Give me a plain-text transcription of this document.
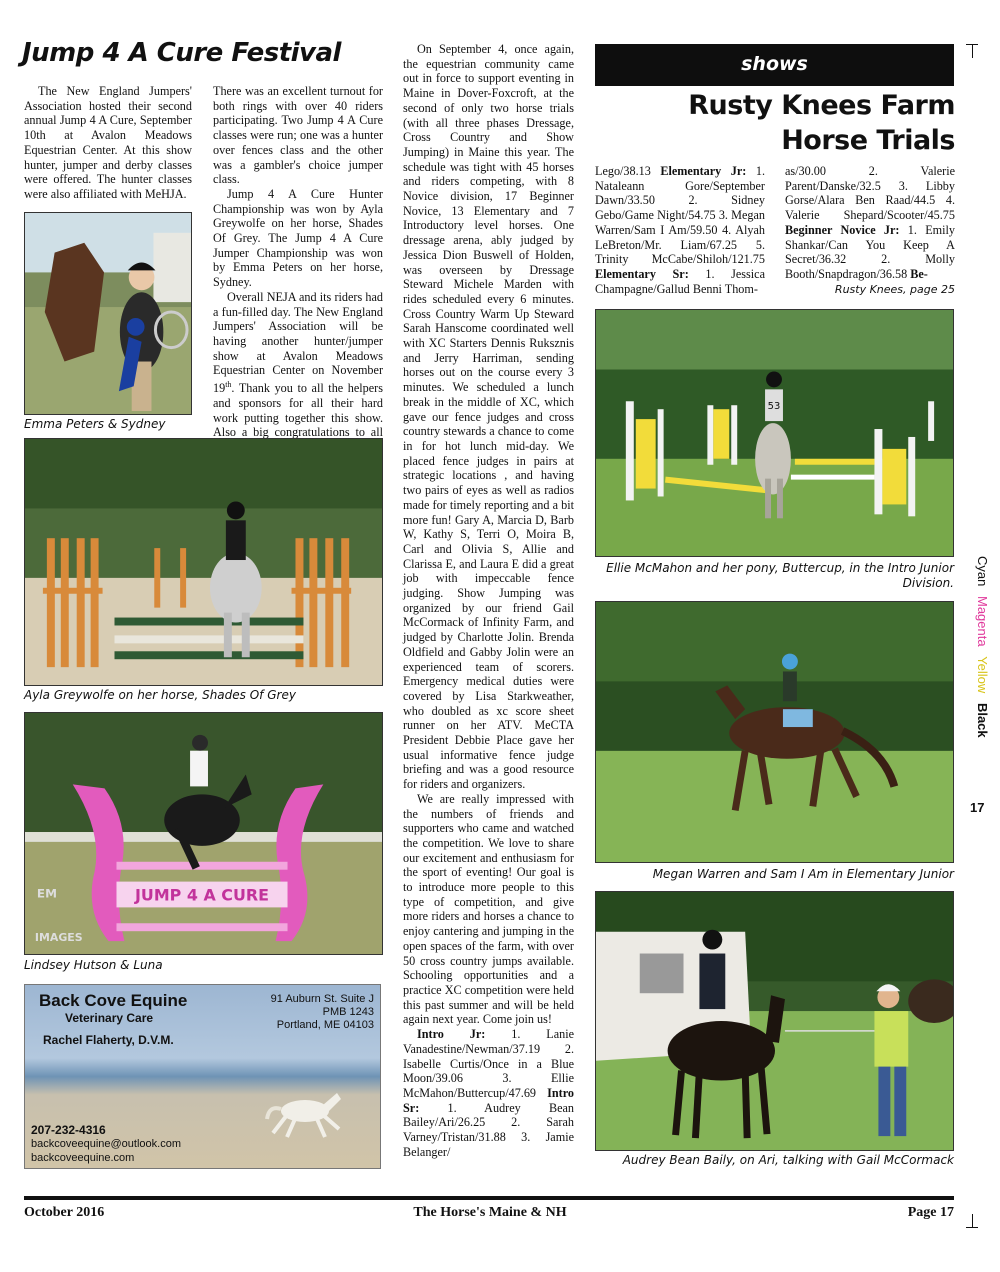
Jump 4 A Cure Festival

The New England Jumpers' Association hosted their second annual Jump 4 A Cure, September 10th at Avalon Meadows Equestrian Center. At this show hunter, jumper and derby classes were offered. The hunter classes were also affiliated with MeHJA.

There was an excellent turnout for both rings with over 40 riders participating. Two Jump 4 A Cure classes were run; one was a hunter over fences class and the other was a gambler's choice jumper class.

Jump 4 A Cure Hunter Championship was won by Ayla Greywolfe on her horse, Shades Of Grey. The Jump 4 A Cure Jumper Championship was won by Emma Peters on her horse, Sydney.

Overall NEJA and its riders had a fun-filled day. The New England Jumpers' Association will be having another hunter/jumper show at Avalon Meadows Equestrian Center on November 19th. Thank you to all the helpers and sponsors for all their hard work putting together this show. Also a big congratulations to all

Emma Peters & Sydney
Ayla Greywolfe on her horse, Shades Of Grey
JUMP 4 A CURE
EM
IMAGES
Lindsey Hutson & Luna
Back Cove Equine
Veterinary Care
Rachel Flaherty, D.V.M.
91 Auburn St. Suite J
PMB 1243
Portland, ME 04103
207-232-4316
backcoveequine@outlook.com
backcoveequine.com

On September 4, once again, the equestrian community came out in force to support eventing in Maine in Dover-Foxcroft, at the second of only two horse trials (with all three phases Dressage, Cross Country and Show Jumping) in Maine this year. The schedule was tight with 45 horses and riders competing, with 8 Novice division, 17 Beginner Novice, 13 Elementary and 7 Introductory level horses. One dressage arena, ably judged by Jessica Dion Buswell of Holden, was overseen by Dressage Steward Michele Marden with rides scheduled every 6 minutes. Cross Country Warm Up Steward Sarah Hanscome coordinated well with XC Starters Dennis Ruksznis and Jerry Harriman, sending horses out on the course every 3 minutes. We scheduled a lunch break in the middle of XC, which gave our fence judges and cross country stewards a chance to come in for hot lunch mid-day. We placed fence judges in pairs at strategic locations , and having two pairs of eyes as well as radios made for timely reporting and a bit more fun! Gary A, Marcia D, Barb W, Kathy S, Terri O, Moira B, Carl and Olivia S, Allie and Clarissa E, and Laura E did a great job with impeccable fence judging. Show Jumping was organized by our friend Gail McCormack of Infinity Farm, and judged by Charlotte Jolin. Brenda Oldfield and Gabby Jolin were an experienced team of scorers. Emergency medical duties were covered by Lisa Starkweather, who doubled as xc score sheet runner on her ATV. MeCTA President Debbie Place gave her usual informative fence judge briefing and was a good resource for riders and organizers.

We are really impressed with the numbers of friends and supporters who came and watched the competition. We love to share our excitement and enthusiasm for the sport of eventing! Our goal is to introduce more people to this type of competition, and give more riders and horses a chance to enjoy cantering and jumping in the open spaces of the farm, with over 50 cross country jumps available. Schooling opportunities and a practice XC competition were held this past summer and will be held again next year. Come join us!

Intro Jr: 1. Lanie Vanadestine/Newman/37.19 2. Isabelle Curtis/Once in a Blue Moon/39.06 3. Ellie McMahon/Buttercup/47.69 Intro Sr: 1. Audrey Bean Bailey/Ari/26.25 2. Sarah Varney/Tristan/31.88 3. Jamie Belanger/

shows
Rusty Knees Farm
Horse Trials

Lego/38.13 Elementary Jr: 1. Nataleann Gore/September Dawn/33.50 2. Sidney Gebo/Game Night/54.75 3. Megan Warren/Sam I Am/59.50 4. Alyah LeBreton/Mr. Liam/67.25 5. Trinity McCabe/Shiloh/121.75 Elementary Sr: 1. Jessica Champagne/Gallud Benni Thom-

as/30.00 2. Valerie Parent/Danske/32.5 3. Libby Gorse/Alara Ben Raad/44.5 4. Valerie Shepard/Scooter/45.75 Beginner Novice Jr: 1. Emily Shankar/Can You Keep A Secret/36.32 2. Molly Booth/Snapdragon/36.58 Be-

Rusty Knees, page 25
53
Ellie McMahon and her pony, Buttercup, in the Intro Junior Division.
Megan Warren and Sam I Am in Elementary Junior
Audrey Bean Baily, on Ari, talking with Gail McCormack
Cyan Magenta Yellow Black
17
October 2016	The Horse's Maine & NH	Page 17
